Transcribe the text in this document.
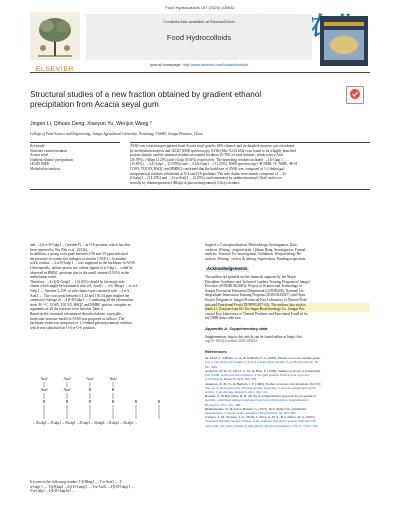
Food Hydrocolloids 107 (2020) 105932
ELSEVIER
Contents lists available at ScienceDirect
Food Hydrocolloids
journal homepage: http://www.elsevier.com/locate/foodhyd
Structural studies of a new fraction obtained by gradient ethanol
precipitation from Acacia seyal gum
Jingen Li, Qihuan Deng, Xiaoyun Yu, Wenjun Wang *
College of Food Science and Engineering, Jiangxi Agricultural University, Nanchang, 330045, Jiangxi Province, China
Keywords:
Structure characterization
Acacia seyal
Gradient ethanol precipitation
1D/2D NMR
Methylation analysis
AY60 was a fraction precipitated from Acacia seyal gum by 60% ethanol, and its detailed structure was elucidated
by methylation analysis and 1D/2D NMR spectroscopy. AY60 (Mw~92.41 kDa) was found to be a highly branched
polysaccharide, and the terminal residues accounted for about 29.76% of total residues, which were t-Araf
(26.59%), t-Rhap (2.25%) and t-Galp (0.92%) respectively. The branching residues included →3,6-Galp 1→
(15.81%), →3,4-Galp1→ (13.99%) and →3,4,6-Galp1→ (11.25%). NMR spectroscopy (¹H NMR, ¹³C NMR, ¹H/¹H
COSY, TOCSY, HSQC and HMBC) confirmed that the backbone of AY60 was composed of 1,3-linked gal-
actopyranosyl residues substituted at O-4 and O-6 positions. The side chains were mainly composed of →4)-
β-Galp(1→ (14.43%) and →3)-α-Araf(1→ (2.25%), and terminated by arabinofuranosyl (Araf) and occa-
sionally by rhamnopyranosyl (Rhap) or glucuronopyranosyl (Glcp) residues.
and →3,6-α-D-Galp1→ (residue F)→ at O-6 position, which has also
been reported by Wu (Wu et al., 2013b).
In addition, a strong cross peak between δ 98 and 3.9 ppm indicated
the presence of connective linkages of residue C/D/F/G. In another
word, residue →4-α-D-Galp 1→ was supposed as the backbone of AY60.
Unfortunately, neither proton nor carbon signals of α-Galp1→ could be
observed in HMBC spectrum due to the small content (0.92%) in the
methylation result.
Therefore, →4)-β-D-Galp(1→ (14.43%) should be the major side
chains which might be terminated with α-L-Araf(1→, α-L-Rhap1→ or α-L-
Galp 1→. Another 2.25% of side chains were consisted with →3-α-L-
Araf1→. The cross peak between δ 4.43 and 103.34 ppm implied the
connective linkage of →4-β-D-Galp1→. Combining all the information
from ¹H, ¹³C, COSY, TOCSY, HSQC and HMBC spectra, complete as-
signments of all the residues were listed in Table 4.
Based on the structural information described above, a possible
molecular structure model of AY60 was proposed as follows. The
backbone chain was composed of 1,3-linked galactopyranosyl residues,
which was substituted at O-4 or O-6 position.
→3Galp1→3Galp1→3Galp1→3Galp1→3Galp1→3Galp1→3Galp1→
Araf
Araf
R
Araf
Araf
R
Araf
R
R
Araf
R
R	R	R
It is one of the following residue: T-β-Rhap1→, T-α-Araf1→, T-
α-Galp 1→, T-β-Rhap1→4-β-D-Galp(1→, T-α-Araf1→4-β-D-Galp(1→,
T-α-Galp1→4-β-D-GalpA(1→.
Jingen Li: Conceptualization, Methodology, Investigation, Data
curation, Writing - original draft. Qihuan Deng: Investigation, Formal
analysis. Xiaoyun Yu: Investigation, Validation. Wenjun Wang: Re-
sources, Writing - review & editing, Supervision, Funding acquisition.
Acknowledgements
The authors are grateful for the financial supports by the Major
Discipline Academic and Technical Leaders Training Program of Jiangxi
Province (20182BCB22003); Project of Science and Technology of
Jiangxi Provincial Education Department (GJJ180208), National Un-
dergraduate Innovation Training Program (201810410027), and Open
Project Program of Jiangxi Provincial Key Laboratory of Natural Prod-
ucts and Functional Food (JXNPFF2017-02). The authors also wish to
thank Li, Xiaojun from Bo Tao Sugar Biotechnology Co. Jiangxi Pro-
vincial Key Laboratory of Natural Products and Functional FoodLtd for
the NMR data collection.
Appendix A. Supplementary data
Supplementary data to this article can be found online at https://doi.
org/10.1016/j.foodhyd.2020.105932.
References
Al-Assaf, S., Phillips, G. O., & Williams, P. A. (2005). Studies on acacia exudate gums.
Part I: The molecular weight of Acacia senegal gum exudate. Food Hydrocolloids, 19,
647–660.
Anderson, D. M. W., Dea, I. C. M., & Hirst, E. (1968). Studies on uronic acid materials
Part XXIII. Some structural features of the gum exudate from Acacia seyal del.
Carbohydrate Research, 8(4), 460–476.
Anderson, D. M. W., & Herbich, J. F. (1966). Studies on uronic acid materials: Part XV.
The use of molecular sieve chromatography in studies on Acacia senegal gum (gum
arabic). Carbohydrate Research, 2(1), 104–114.
Bouaziz, F., & Ben Taher, H. B. (2016). A comprehensive approach for properties of
partially solubilized sulfated arabinan from Glycyrrhiza glabra. International J.
Biological, 2011, 301–308.
Blumenkrantz, N., & Asboe-Hansen, G. (1973). New method for quantitative
determination of uronic acids. Analytical Biochemistry, 54, 484–489.
Cardoso, S. M., Ferreira, J. A., Mafra, I., Silva, A. M. S., & Coimbra, M. A. (2007).
Structural ripening-related changes of the arabinan-rich pectic polysaccharides from
olive pulp cell walls. Journal of Agricultural and Food Chemistry, 55(17), 7124–7130.
